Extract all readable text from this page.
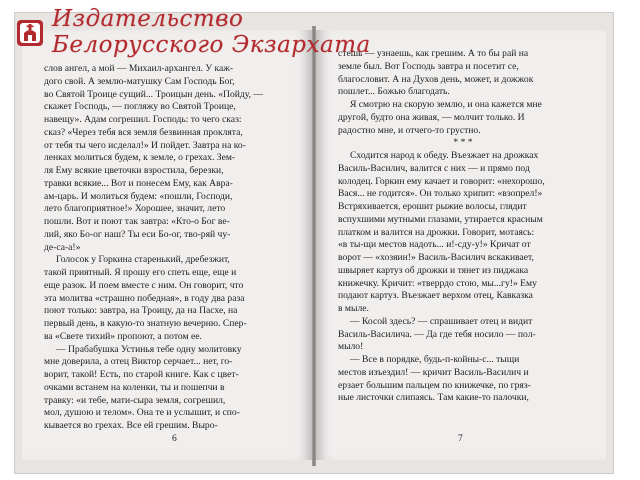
слов ангел, а мой — Михаил-архангел. У каж-
дого свой. А землю-матушку Сам Господь Бог,
во Святой Троице сущий... Троицын день. «Пойду, —
скажет Господь, — погляжу во Святой Троице,
навещу». Адам согрешил. Господь: то чего сказ:
сказ? «Через тебя вся земля безвинная проклята,
от тебя ты чего исделал!» И пойдет. Завтра на ко-
ленках молиться будем, к земле, о грехах. Зем-
ля Ему всякие цветочки взростила, березки,
травки всякие... Вот и понесем Ему, как Авра-
ам-царь. И молиться будем: «пошли, Господи,
лето благоприятное!» Хорошее, значит, лето
пошли. Вот и поют так завтра: «Кто-о Бог ве-
лий, яко Бо-ог наш? Ты еси Бо-ог, тво-ряй чу-
де-са-а!»
Голосок у Горкина старенький, дребезжит,
такой приятный. Я прошу его спеть еще, еще и
еще разок. И поем вместе с ним. Он говорит, что
эта молитва «страшно победная», в году два раза
поют только: завтра, на Троицу, да на Пасхе, на
первый день, в какую-то знатную вечерню. Спер-
ва «Свете тихий» пропоют, а потом ее.
— Прабабушка Устинья тебе одну молитовку
мне доверила, а отец Виктор серчает... нет, го-
ворит, такой! Есть, по старой книге. Как с цвет-
очками встанем на коленки, ты и пошепчи в
травку: «и тебе, мати-сыра земля, согрешил,
мол, душою и телом». Она те и услышит, и спо-
кывается во грехах. Все ей грешим. Выро-
6
стешь — узнаешь, как грешим. А то бы рай на
земле был. Вот Господь завтра и посетит се,
благословит. А на Духов день, может, и дожжок
пошлет... Божью благодать.
Я смотрю на скорую землю, и она кажется мне
другой, будто она живая, — молчит только. И
радостно мне, и отчего-то грустно.
* * *
Сходится народ к обеду. Въезжает на дрожках
Василь-Василич, валится с них — и прямо под
колодец. Горкин ему качает и говорит: «нехорошо,
Вася... не годится». Он только хрипит: «взопрел!»
Встряхивается, ерошит рыжие волосы, глядит
вспухшими мутными глазами, утирается красным
платком и валится на дрожки. Говорит, мотаясь:
«в ты-щи местов надоть... и!-сду-у!» Кричат от
ворот — «хозяин!» Василь-Василич вскакивает,
швыряет картуз об дрожки и тянет из пиджака
книжечку. Кричит: «тверрдо стою, мы...гу!» Ему
подают картуз. Въезжает верхом отец, Кавказка
в мыле.
— Косой здесь? — спрашивает отец и видит
Василь-Василича. — Да где тебя носило — пол-
мыло!
— Все в порядке, будь-п-койны-с... тыщи
местов изъездил! — кричит Василь-Василич и
ерзает большим пальцем по книжечке, по гряз-
ные листочки слипаясь. Там какие-то палочки,
7
Издательство Белорусского Экзархата
